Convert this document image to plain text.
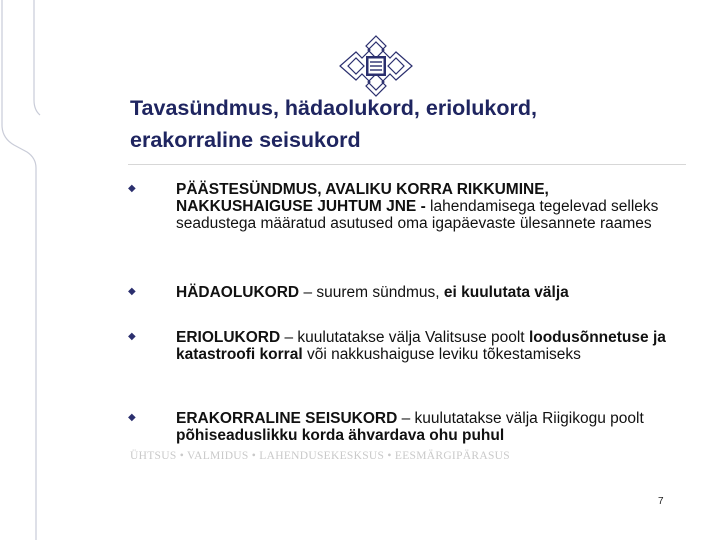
Tavasündmus, hädaolukord, eriolukord,
erakorraline seisukord
◆	PÄÄSTESÜNDMUS, AVALIKU KORRA RIKKUMINE, NAKKUSHAIGUSE JUHTUM JNE - lahendamisega tegelevad selleks seadustega määratud asutused oma igapäevaste ülesannete raames
◆	HÄDAOLUKORD – suurem sündmus, ei kuulutata välja
◆	ERIOLUKORD – kuulutatakse välja Valitsuse poolt loodusõnnetuse ja katastroofi korral või nakkushaiguse leviku tõkestamiseks
ÜHTSUS • VALMIDUS • LAHENDUSEKESKSUS • EESMÄRGIPÄRASUS
◆	ERAKORRALINE SEISUKORD – kuulutatakse välja Riigikogu poolt põhiseaduslikku korda ähvardava ohu puhul
7
